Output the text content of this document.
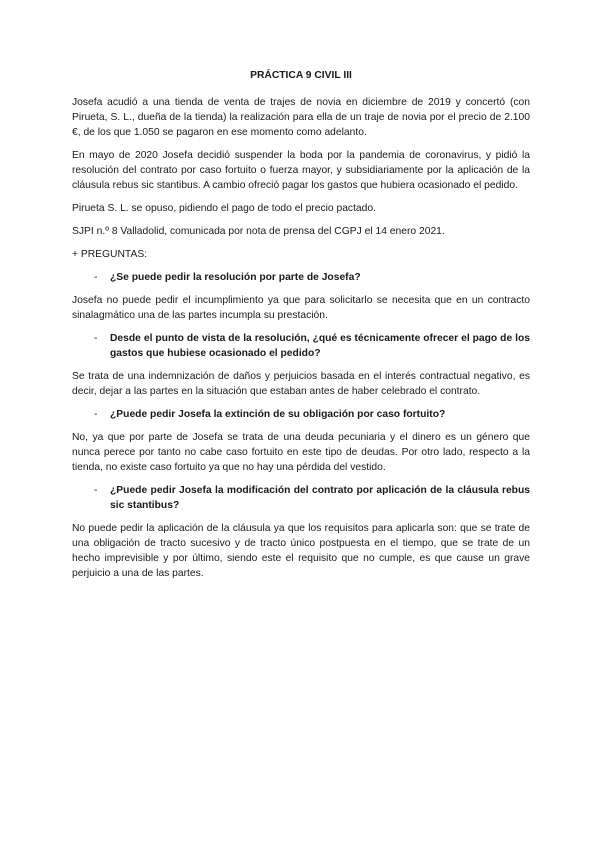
PRÁCTICA 9 CIVIL III

Josefa acudió a una tienda de venta de trajes de novia en diciembre de 2019 y concertó (con Pirueta, S. L., dueña de la tienda) la realización para ella de un traje de novia por el precio de 2.100 €, de los que 1.050 se pagaron en ese momento como adelanto.

En mayo de 2020 Josefa decidió suspender la boda por la pandemia de coronavirus, y pidió la resolución del contrato por caso fortuito o fuerza mayor, y subsidiariamente por la aplicación de la cláusula rebus sic stantibus. A cambio ofreció pagar los gastos que hubiera ocasionado el pedido.

Pirueta S. L. se opuso, pidiendo el pago de todo el precio pactado.

SJPI n.º 8 Valladolid, comunicada por nota de prensa del CGPJ el 14 enero 2021.

+ PREGUNTAS:

-	¿Se puede pedir la resolución por parte de Josefa?

Josefa no puede pedir el incumplimiento ya que para solicitarlo se necesita que en un contracto sinalagmático una de las partes incumpla su prestación.

-	Desde el punto de vista de la resolución, ¿qué es técnicamente ofrecer el pago de los gastos que hubiese ocasionado el pedido?

Se trata de una indemnización de daños y perjuicios basada en el interés contractual negativo, es decir, dejar a las partes en la situación que estaban antes de haber celebrado el contrato.

-	¿Puede pedir Josefa la extinción de su obligación por caso fortuito?

No, ya que por parte de Josefa se trata de una deuda pecuniaria y el dinero es un género que nunca perece por tanto no cabe caso fortuito en este tipo de deudas. Por otro lado, respecto a la tienda, no existe caso fortuito ya que no hay una pérdida del vestido.

-	¿Puede pedir Josefa la modificación del contrato por aplicación de la cláusula rebus sic stantibus?

No puede pedir la aplicación de la cláusula ya que los requisitos para aplicarla son: que se trate de una obligación de tracto sucesivo y de tracto único postpuesta en el tiempo, que se trate de un hecho imprevisible y por último, siendo este el requisito que no cumple, es que cause un grave perjuicio a una de las partes.
